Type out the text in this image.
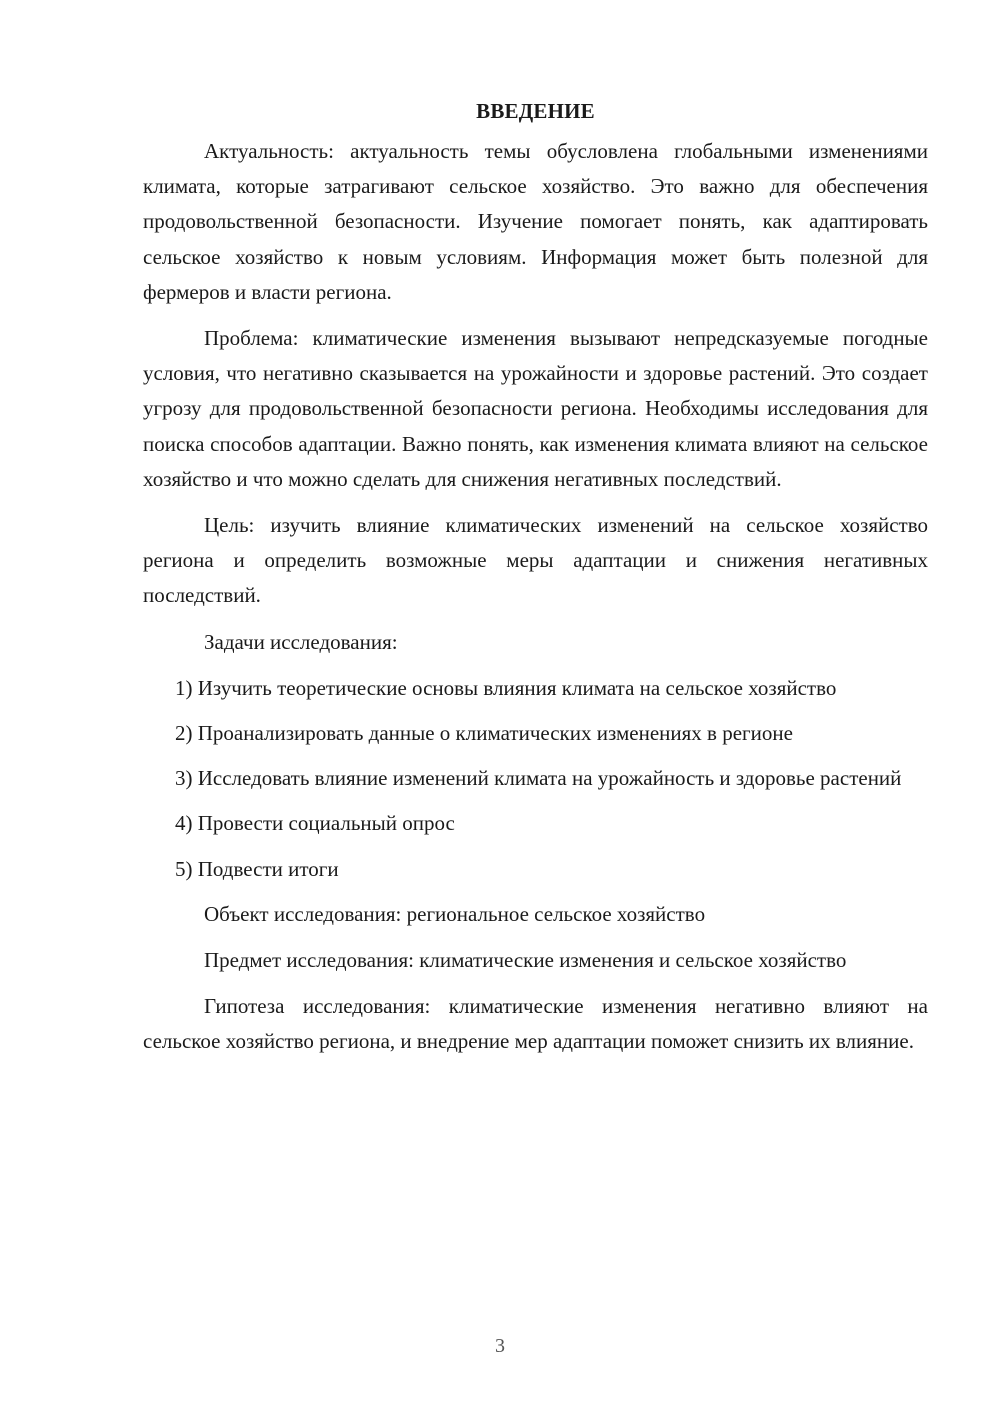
ВВЕДЕНИЕ

Актуальность: актуальность темы обусловлена глобальными изменениями климата, которые затрагивают сельское хозяйство. Это важно для обеспечения продовольственной безопасности. Изучение помогает понять, как адаптировать сельское хозяйство к новым условиям. Информация может быть полезной для фермеров и власти региона.

Проблема: климатические изменения вызывают непредсказуемые погодные условия, что негативно сказывается на урожайности и здоровье растений. Это создает угрозу для продовольственной безопасности региона. Необходимы исследования для поиска способов адаптации. Важно понять, как изменения климата влияют на сельское хозяйство и что можно сделать для снижения негативных последствий.

Цель: изучить влияние климатических изменений на сельское хозяйство региона и определить возможные меры адаптации и снижения негативных последствий.

Задачи исследования:

1) Изучить теоретические основы влияния климата на сельское хозяйство

2) Проанализировать данные о климатических изменениях в регионе

3) Исследовать влияние изменений климата на урожайность и здоровье растений

4) Провести социальный опрос

5) Подвести итоги

Объект исследования: региональное сельское хозяйство

Предмет исследования: климатические изменения и сельское хозяйство

Гипотеза исследования: климатические изменения негативно влияют на сельское хозяйство региона, и внедрение мер адаптации поможет снизить их влияние.

3
